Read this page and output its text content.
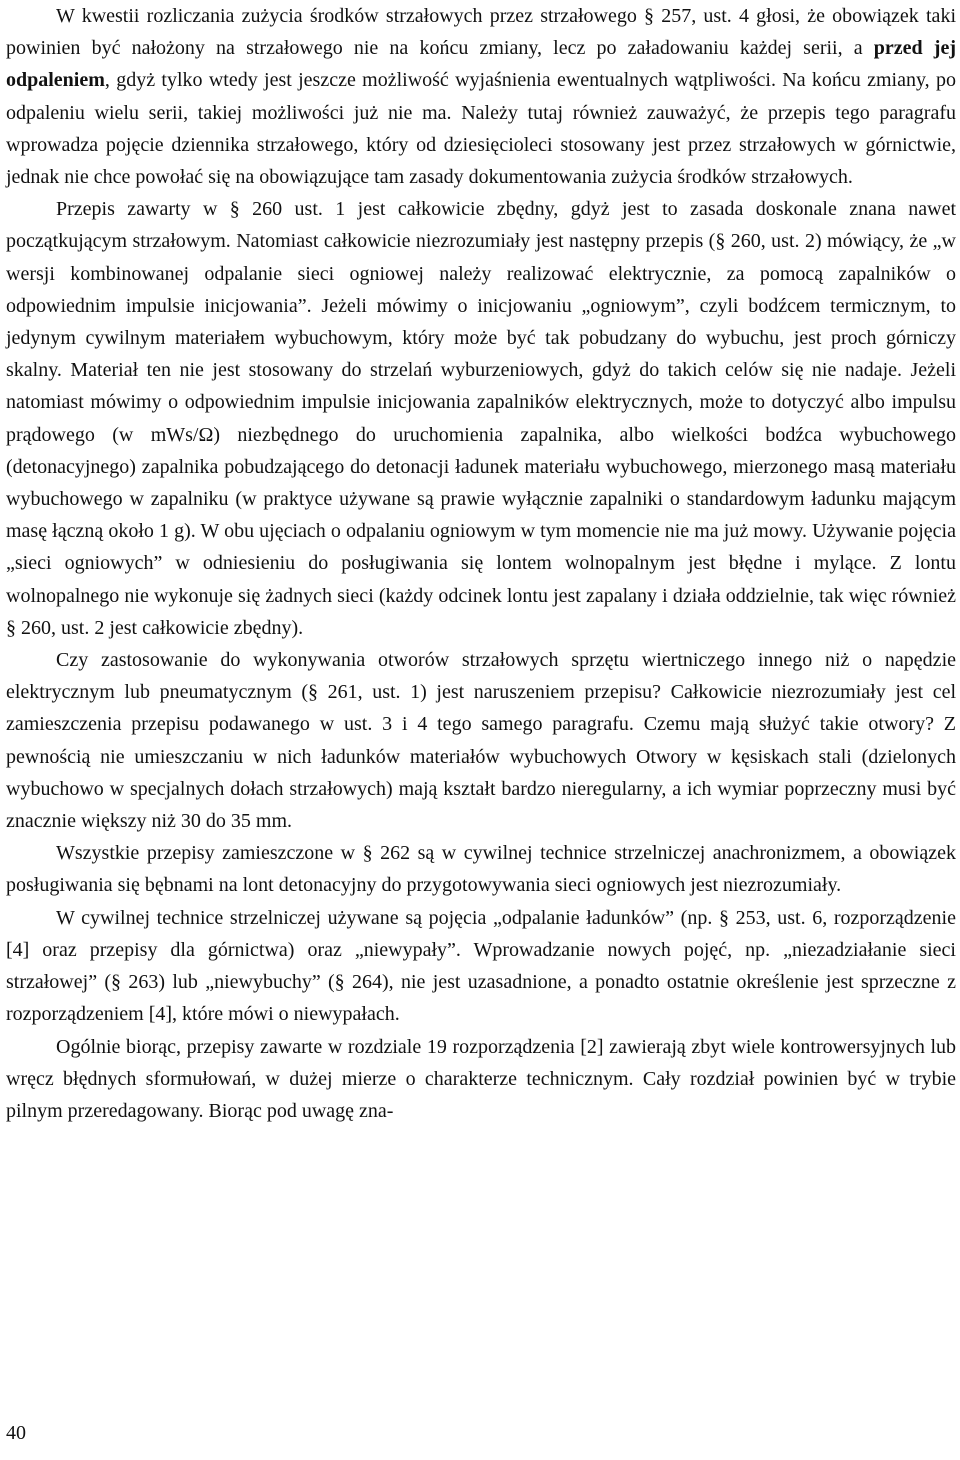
W kwestii rozliczania zużycia środków strzałowych przez strzałowego § 257, ust. 4 głosi, że obowiązek taki powinien być nałożony na strzałowego nie na końcu zmiany, lecz po załadowaniu każdej serii, a przed jej odpaleniem, gdyż tylko wtedy jest jeszcze możliwość wyjaśnienia ewentualnych wątpliwości. Na końcu zmiany, po odpaleniu wielu serii, takiej możliwości już nie ma. Należy tutaj również zauważyć, że przepis tego paragrafu wprowadza pojęcie dziennika strzałowego, który od dziesięcioleci stosowany jest przez strzałowych w górnictwie, jednak nie chce powołać się na obowiązujące tam zasady dokumentowania zużycia środków strzałowych.

Przepis zawarty w § 260 ust. 1 jest całkowicie zbędny, gdyż jest to zasada doskonale znana nawet początkującym strzałowym. Natomiast całkowicie niezrozumiały jest następny przepis (§ 260, ust. 2) mówiący, że „w wersji kombinowanej odpalanie sieci ogniowej należy realizować elektrycznie, za pomocą zapalników o odpowiednim impulsie inicjowania”. Jeżeli mówimy o inicjowaniu „ogniowym”, czyli bodźcem termicznym, to jedynym cywilnym materiałem wybuchowym, który może być tak pobudzany do wybuchu, jest proch górniczy skalny. Materiał ten nie jest stosowany do strzelań wyburzeniowych, gdyż do takich celów się nie nadaje. Jeżeli natomiast mówimy o odpowiednim impulsie inicjowania zapalników elektrycznych, może to dotyczyć albo impulsu prądowego (w mWs/Ω) niezbędnego do uruchomienia zapalnika, albo wielkości bodźca wybuchowego (detonacyjnego) zapalnika pobudzającego do detonacji ładunek materiału wybuchowego, mierzonego masą materiału wybuchowego w zapalniku (w praktyce używane są prawie wyłącznie zapalniki o standardowym ładunku mającym masę łączną około 1 g). W obu ujęciach o odpalaniu ogniowym w tym momencie nie ma już mowy. Używanie pojęcia „sieci ogniowych” w odniesieniu do posługiwania się lontem wolnopalnym jest błędne i mylące. Z lontu wolnopalnego nie wykonuje się żadnych sieci (każdy odcinek lontu jest zapalany i działa oddzielnie, tak więc również § 260, ust. 2 jest całkowicie zbędny).

Czy zastosowanie do wykonywania otworów strzałowych sprzętu wiertniczego innego niż o napędzie elektrycznym lub pneumatycznym (§ 261, ust. 1) jest naruszeniem przepisu? Całkowicie niezrozumiały jest cel zamieszczenia przepisu podawanego w ust. 3 i 4 tego samego paragrafu. Czemu mają służyć takie otwory? Z pewnością nie umieszczaniu w nich ładunków materiałów wybuchowych Otwory w kęsiskach stali (dzielonych wybuchowo w specjalnych dołach strzałowych) mają kształt bardzo nieregularny, a ich wymiar poprzeczny musi być znacznie większy niż 30 do 35 mm.

Wszystkie przepisy zamieszczone w § 262 są w cywilnej technice strzelniczej anachronizmem, a obowiązek posługiwania się bębnami na lont detonacyjny do przygotowywania sieci ogniowych jest niezrozumiały.

W cywilnej technice strzelniczej używane są pojęcia „odpalanie ładunków” (np. § 253, ust. 6, rozporządzenie [4] oraz przepisy dla górnictwa) oraz „niewypały”. Wprowadzanie nowych pojęć, np. „niezadziałanie sieci strzałowej” (§ 263) lub „niewybuchy” (§ 264), nie jest uzasadnione, a ponadto ostatnie określenie jest sprzeczne z rozporządzeniem [4], które mówi o niewypałach.

Ogólnie biorąc, przepisy zawarte w rozdziale 19 rozporządzenia [2] zawierają zbyt wiele kontrowersyjnych lub wręcz błędnych sformułowań, w dużej mierze o charakterze technicznym. Cały rozdział powinien być w trybie pilnym przeredagowany. Biorąc pod uwagę zna-

40
